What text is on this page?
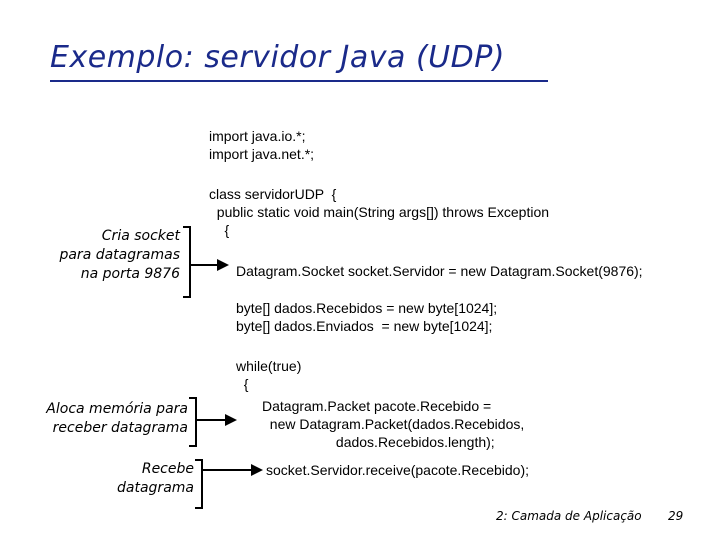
Exemplo: servidor Java (UDP)
import java.io.*;
import java.net.*;
class servidorUDP  {
public static void main(String args[]) throws Exception
{
Datagram.Socket socket.Servidor = new Datagram.Socket(9876);
byte[] dados.Recebidos = new byte[1024];
byte[] dados.Enviados  = new byte[1024];
while(true)
{
Datagram.Packet pacote.Recebido =
new Datagram.Packet(dados.Recebidos,
dados.Recebidos.length);
socket.Servidor.receive(pacote.Recebido);
Cria socket
para datagramas
na porta 9876
Aloca memória para
receber datagrama
Recebe
datagrama
2: Camada de Aplicação 29
